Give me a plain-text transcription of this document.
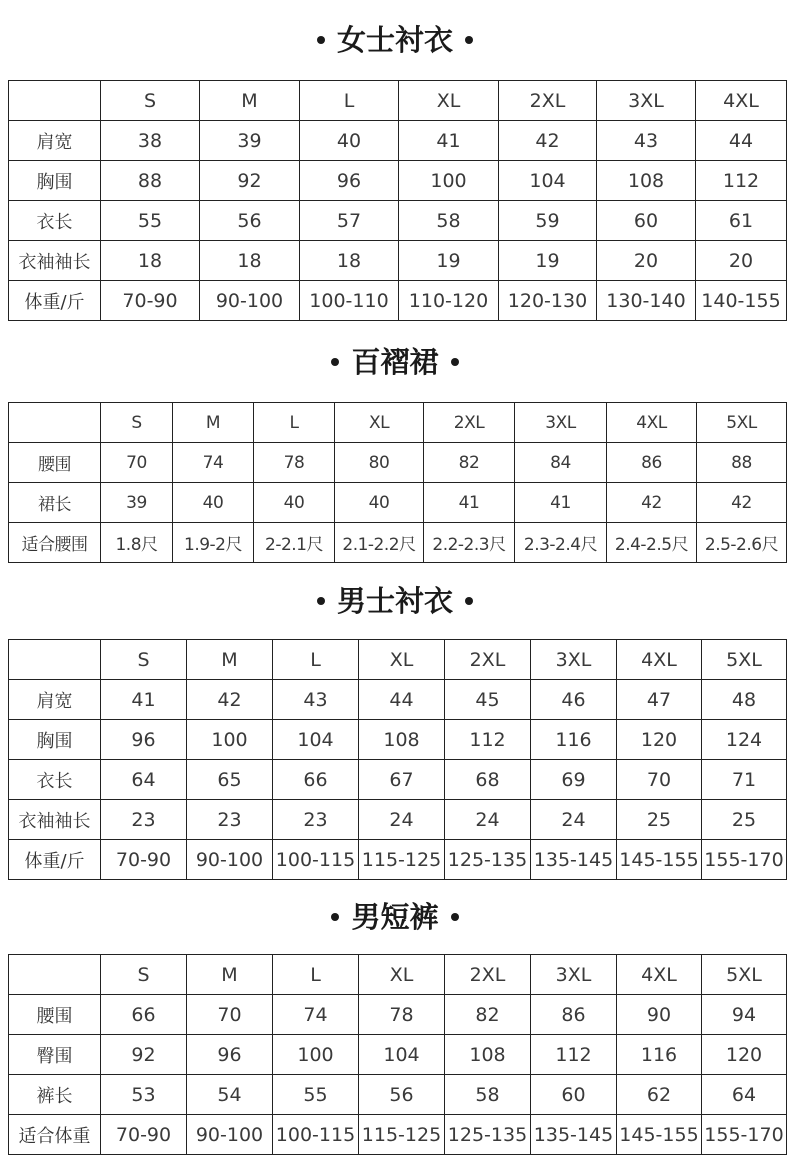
女士衬衣
	S	M	L	XL	2XL	3XL	4XL
肩宽	38	39	40	41	42	43	44
胸围	88	92	96	100	104	108	112
衣长	55	56	57	58	59	60	61
衣袖袖长	18	18	18	19	19	20	20
体重/斤	70-90	90-100	100-110	110-120	120-130	130-140	140-155
百褶裙
	S	M	L	XL	2XL	3XL	4XL	5XL
腰围	70	74	78	80	82	84	86	88
裙长	39	40	40	40	41	41	42	42
适合腰围	1.8尺	1.9-2尺	2-2.1尺	2.1-2.2尺	2.2-2.3尺	2.3-2.4尺	2.4-2.5尺	2.5-2.6尺
男士衬衣
	S	M	L	XL	2XL	3XL	4XL	5XL
肩宽	41	42	43	44	45	46	47	48
胸围	96	100	104	108	112	116	120	124
衣长	64	65	66	67	68	69	70	71
衣袖袖长	23	23	23	24	24	24	25	25
体重/斤	70-90	90-100	100-115	115-125	125-135	135-145	145-155	155-170
男短裤
	S	M	L	XL	2XL	3XL	4XL	5XL
腰围	66	70	74	78	82	86	90	94
臀围	92	96	100	104	108	112	116	120
裤长	53	54	55	56	58	60	62	64
适合体重	70-90	90-100	100-115	115-125	125-135	135-145	145-155	155-170
